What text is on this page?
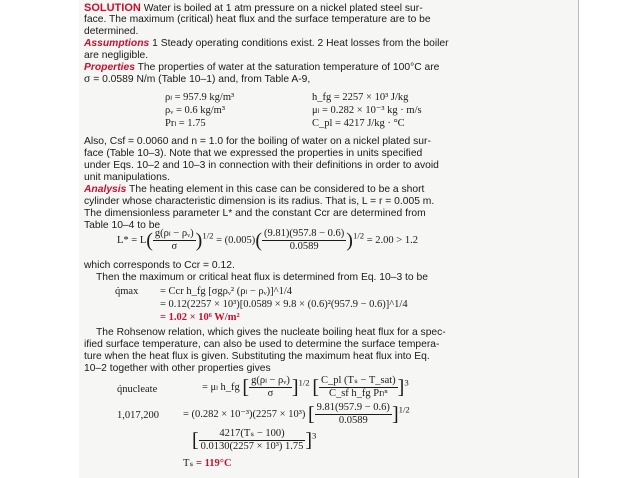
SOLUTION Water is boiled at 1 atm pressure on a nickel plated steel sur-
face. The maximum (critical) heat flux and the surface temperature are to be
determined.
Assumptions 1 Steady operating conditions exist. 2 Heat losses from the boiler
are negligible.
Properties The properties of water at the saturation temperature of 100°C are
σ = 0.0589 N/m (Table 10–1) and, from Table A-9,
ρₗ = 957.9 kg/m³
ρᵥ = 0.6 kg/m³
Prₗ = 1.75
h_fg = 2257 × 10³ J/kg
μₗ = 0.282 × 10⁻³ kg · m/s
C_pl = 4217 J/kg · °C
Also, Csf = 0.0060 and n = 1.0 for the boiling of water on a nickel plated sur-
face (Table 10–3). Note that we expressed the properties in units specified
under Eqs. 10–2 and 10–3 in connection with their definitions in order to avoid
unit manipulations.
Analysis The heating element in this case can be considered to be a short
cylinder whose characteristic dimension is its radius. That is, L = r = 0.005 m.
The dimensionless parameter L* and the constant Ccr are determined from
Table 10–4 to be
$L* = L( \frac{\text{g(ρₗ − ρᵥ)}}{\sigma} )^{1/2} = (0.005)( \frac{(9.81)(957.8 - 0.6)}{0.0589} )^{1/2} = 2.00 > 1.2$
which corresponds to Ccr = 0.12.
Then the maximum or critical heat flux is determined from Eq. 10–3 to be
q̇max = Ccr h_fg [σgρᵥ² (ρₗ − ρᵥ)]^1/4
= 0.12(2257 × 10³)[0.0589 × 9.8 × (0.6)²(957.9 − 0.6)]^1/4
= 1.02 × 10⁶ W/m²
The Rohsenow relation, which gives the nucleate boiling heat flux for a spec-
ified surface temperature, can also be used to determine the surface tempera-
ture when the heat flux is given. Substituting the maximum heat flux into Eq.
10–2 together with other properties gives
q̇nucleate	= μₗ h_fg [ $\frac{\text{g(ρₗ − ρᵥ)}}{\sigma} ]^{1/2}$ [ $\frac{\text{C\_pl (Tₛ − T\_sat)}}{\text{C\_sf h\_fg Prₗⁿ}} ]^3$
1,017,200 = (0.282 × 10⁻³)(2257 × 10³) [ $\frac{9.81(957.9 - 0.6)}{0.0589} ]^{1/2}$
[ $\frac{\text{4217(Tₛ − 100)}}{\text{0.0130(2257 × 10³) 1.75}} ]^3$
Tₛ = 119°C
